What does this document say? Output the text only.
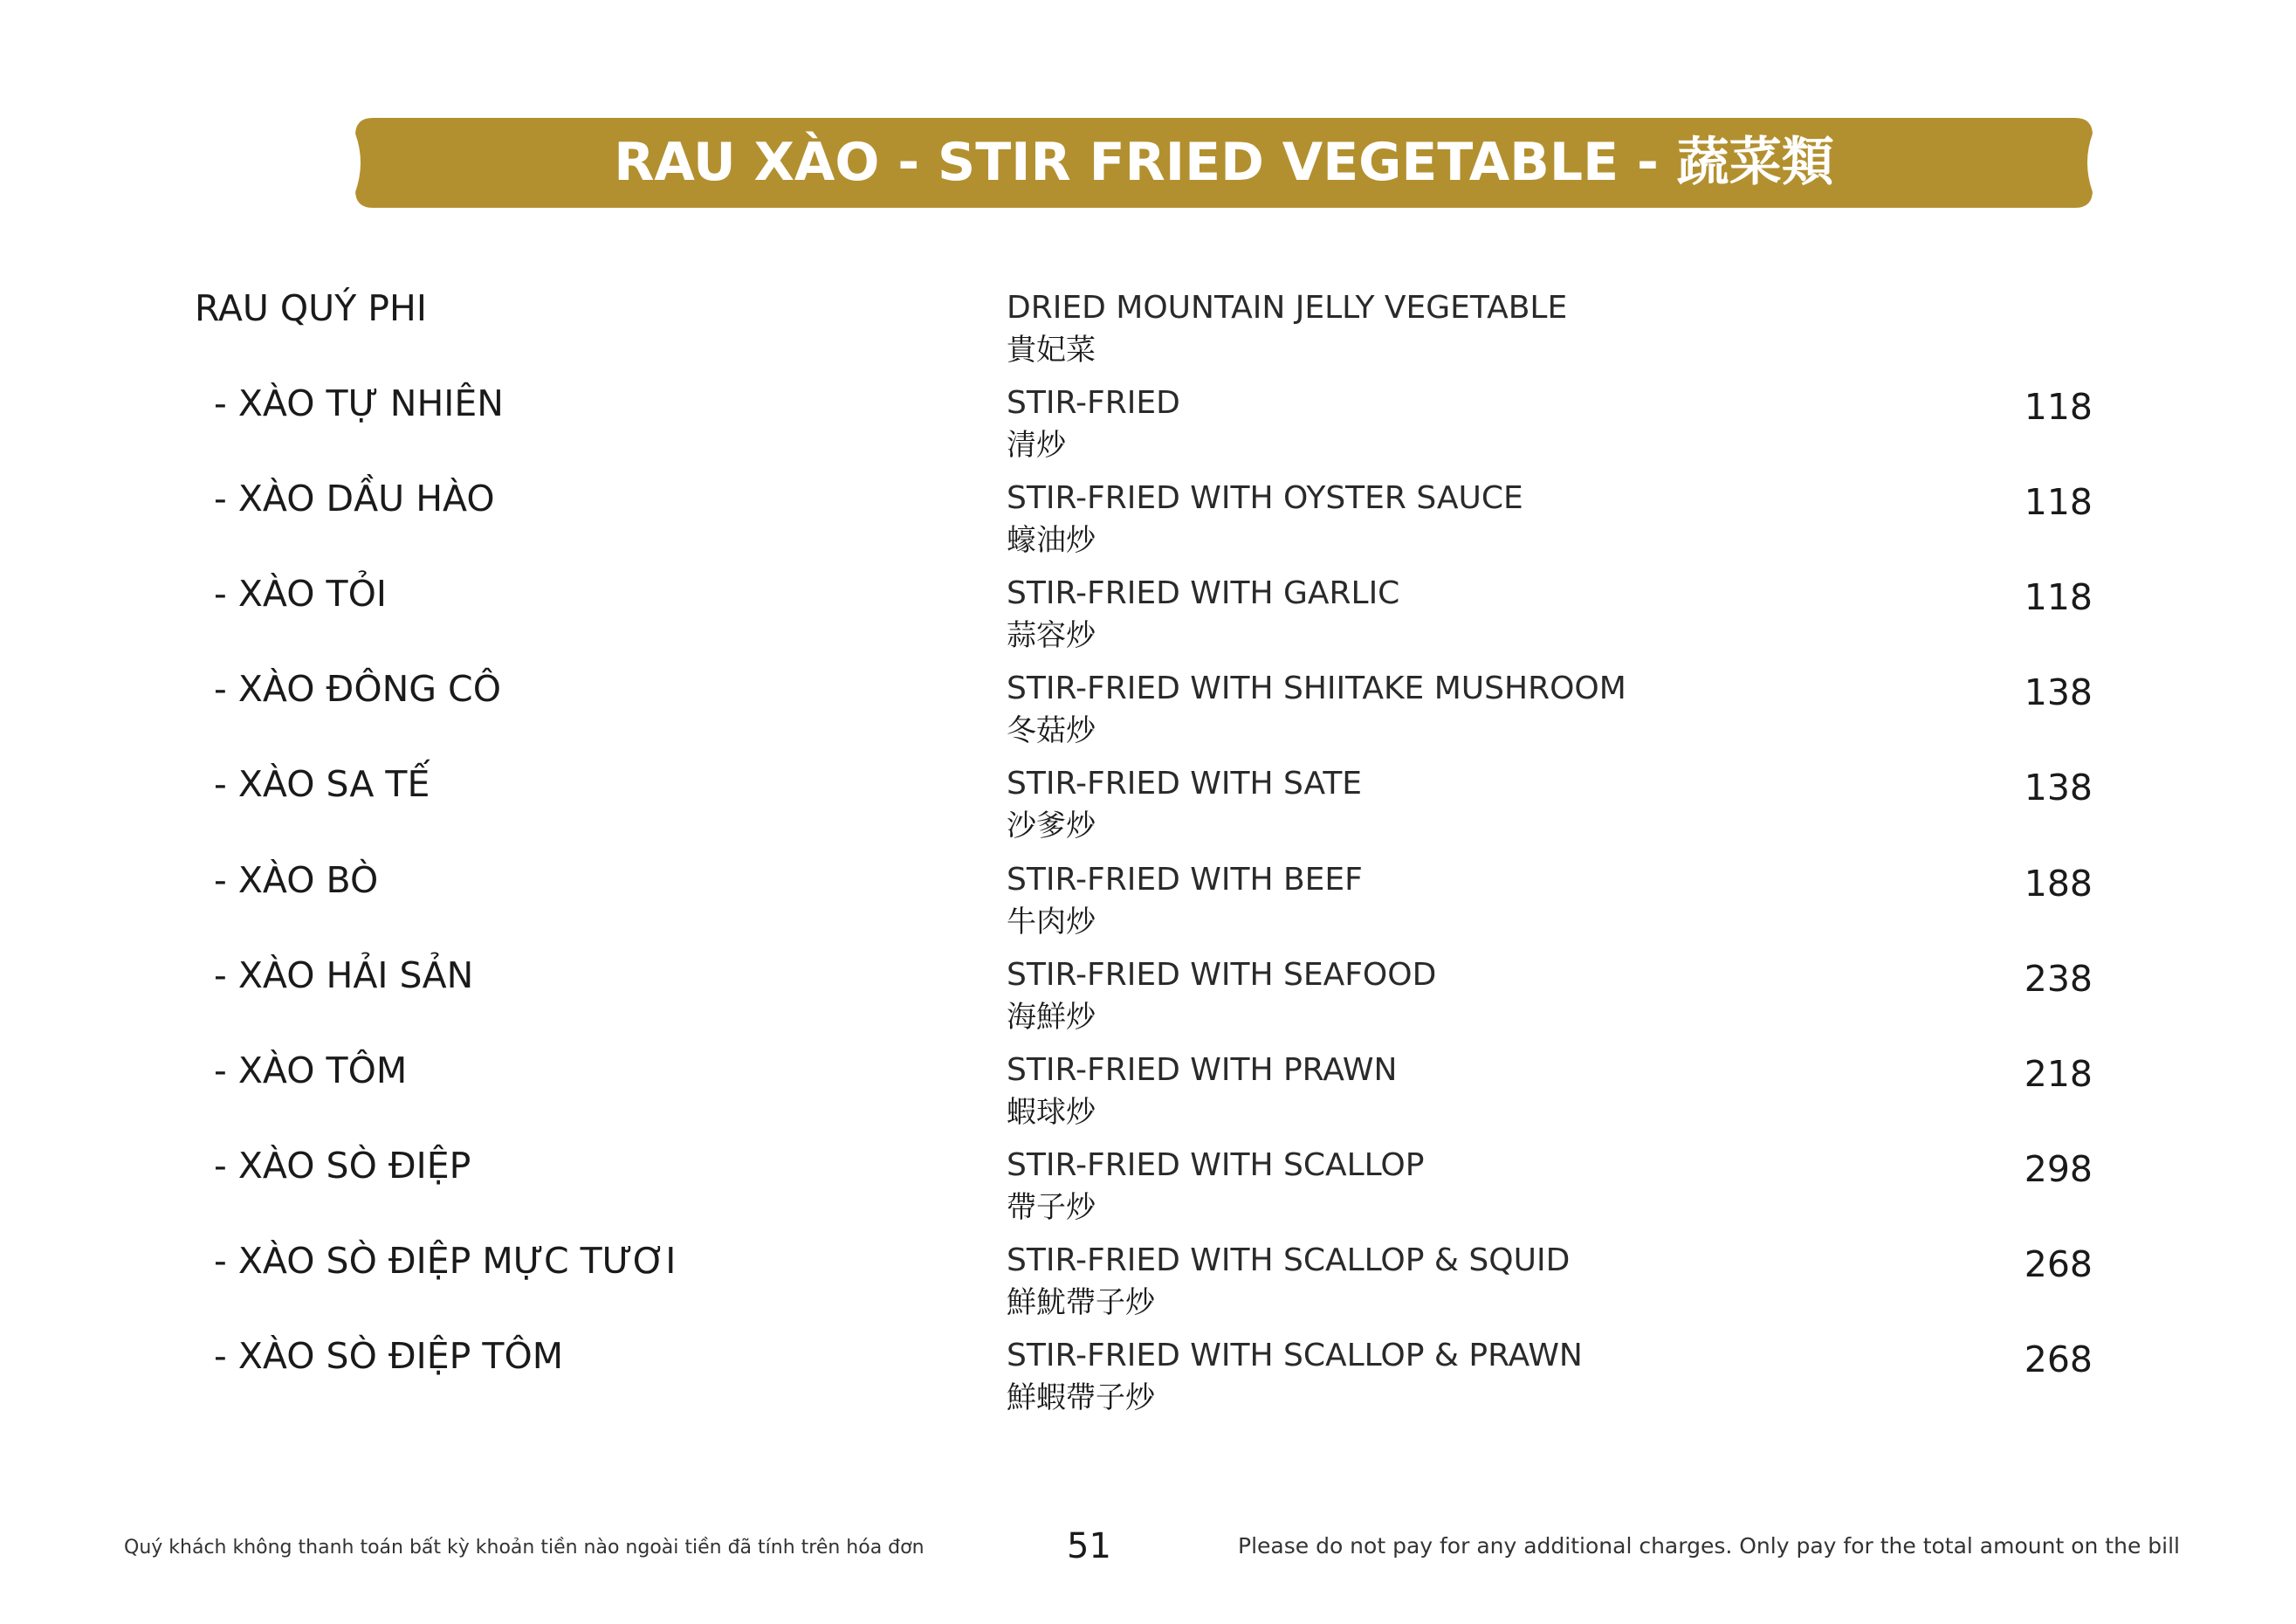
RAU XÀO - STIR FRIED VEGETABLE - 蔬菜類
RAU QUÝ PHI	DRIED MOUNTAIN JELLY VEGETABLE
貴妃菜
- XÀO TỰ NHIÊN	STIR-FRIED
清炒
118
- XÀO DẦU HÀO	STIR-FRIED WITH OYSTER SAUCE
蠔油炒
118
- XÀO TỎI	STIR-FRIED WITH GARLIC
蒜容炒
118
- XÀO ĐÔNG CÔ	STIR-FRIED WITH SHIITAKE MUSHROOM
冬菇炒
138
- XÀO SA TẾ	STIR-FRIED WITH SATE
沙爹炒
138
- XÀO BÒ	STIR-FRIED WITH BEEF
牛肉炒
188
- XÀO HẢI SẢN	STIR-FRIED WITH SEAFOOD
海鮮炒
238
- XÀO TÔM	STIR-FRIED WITH PRAWN
蝦球炒
218
- XÀO SÒ ĐIỆP	STIR-FRIED WITH SCALLOP
帶子炒
298
- XÀO SÒ ĐIỆP MỰC TƯƠI	STIR-FRIED WITH SCALLOP & SQUID
鮮魷帶子炒
268
- XÀO SÒ ĐIỆP TÔM	STIR-FRIED WITH SCALLOP & PRAWN
鮮蝦帶子炒
268
Quý khách không thanh toán bất kỳ khoản tiền nào ngoài tiền đã tính trên hóa đơn	51	Please do not pay for any additional charges. Only pay for the total amount on the bill
